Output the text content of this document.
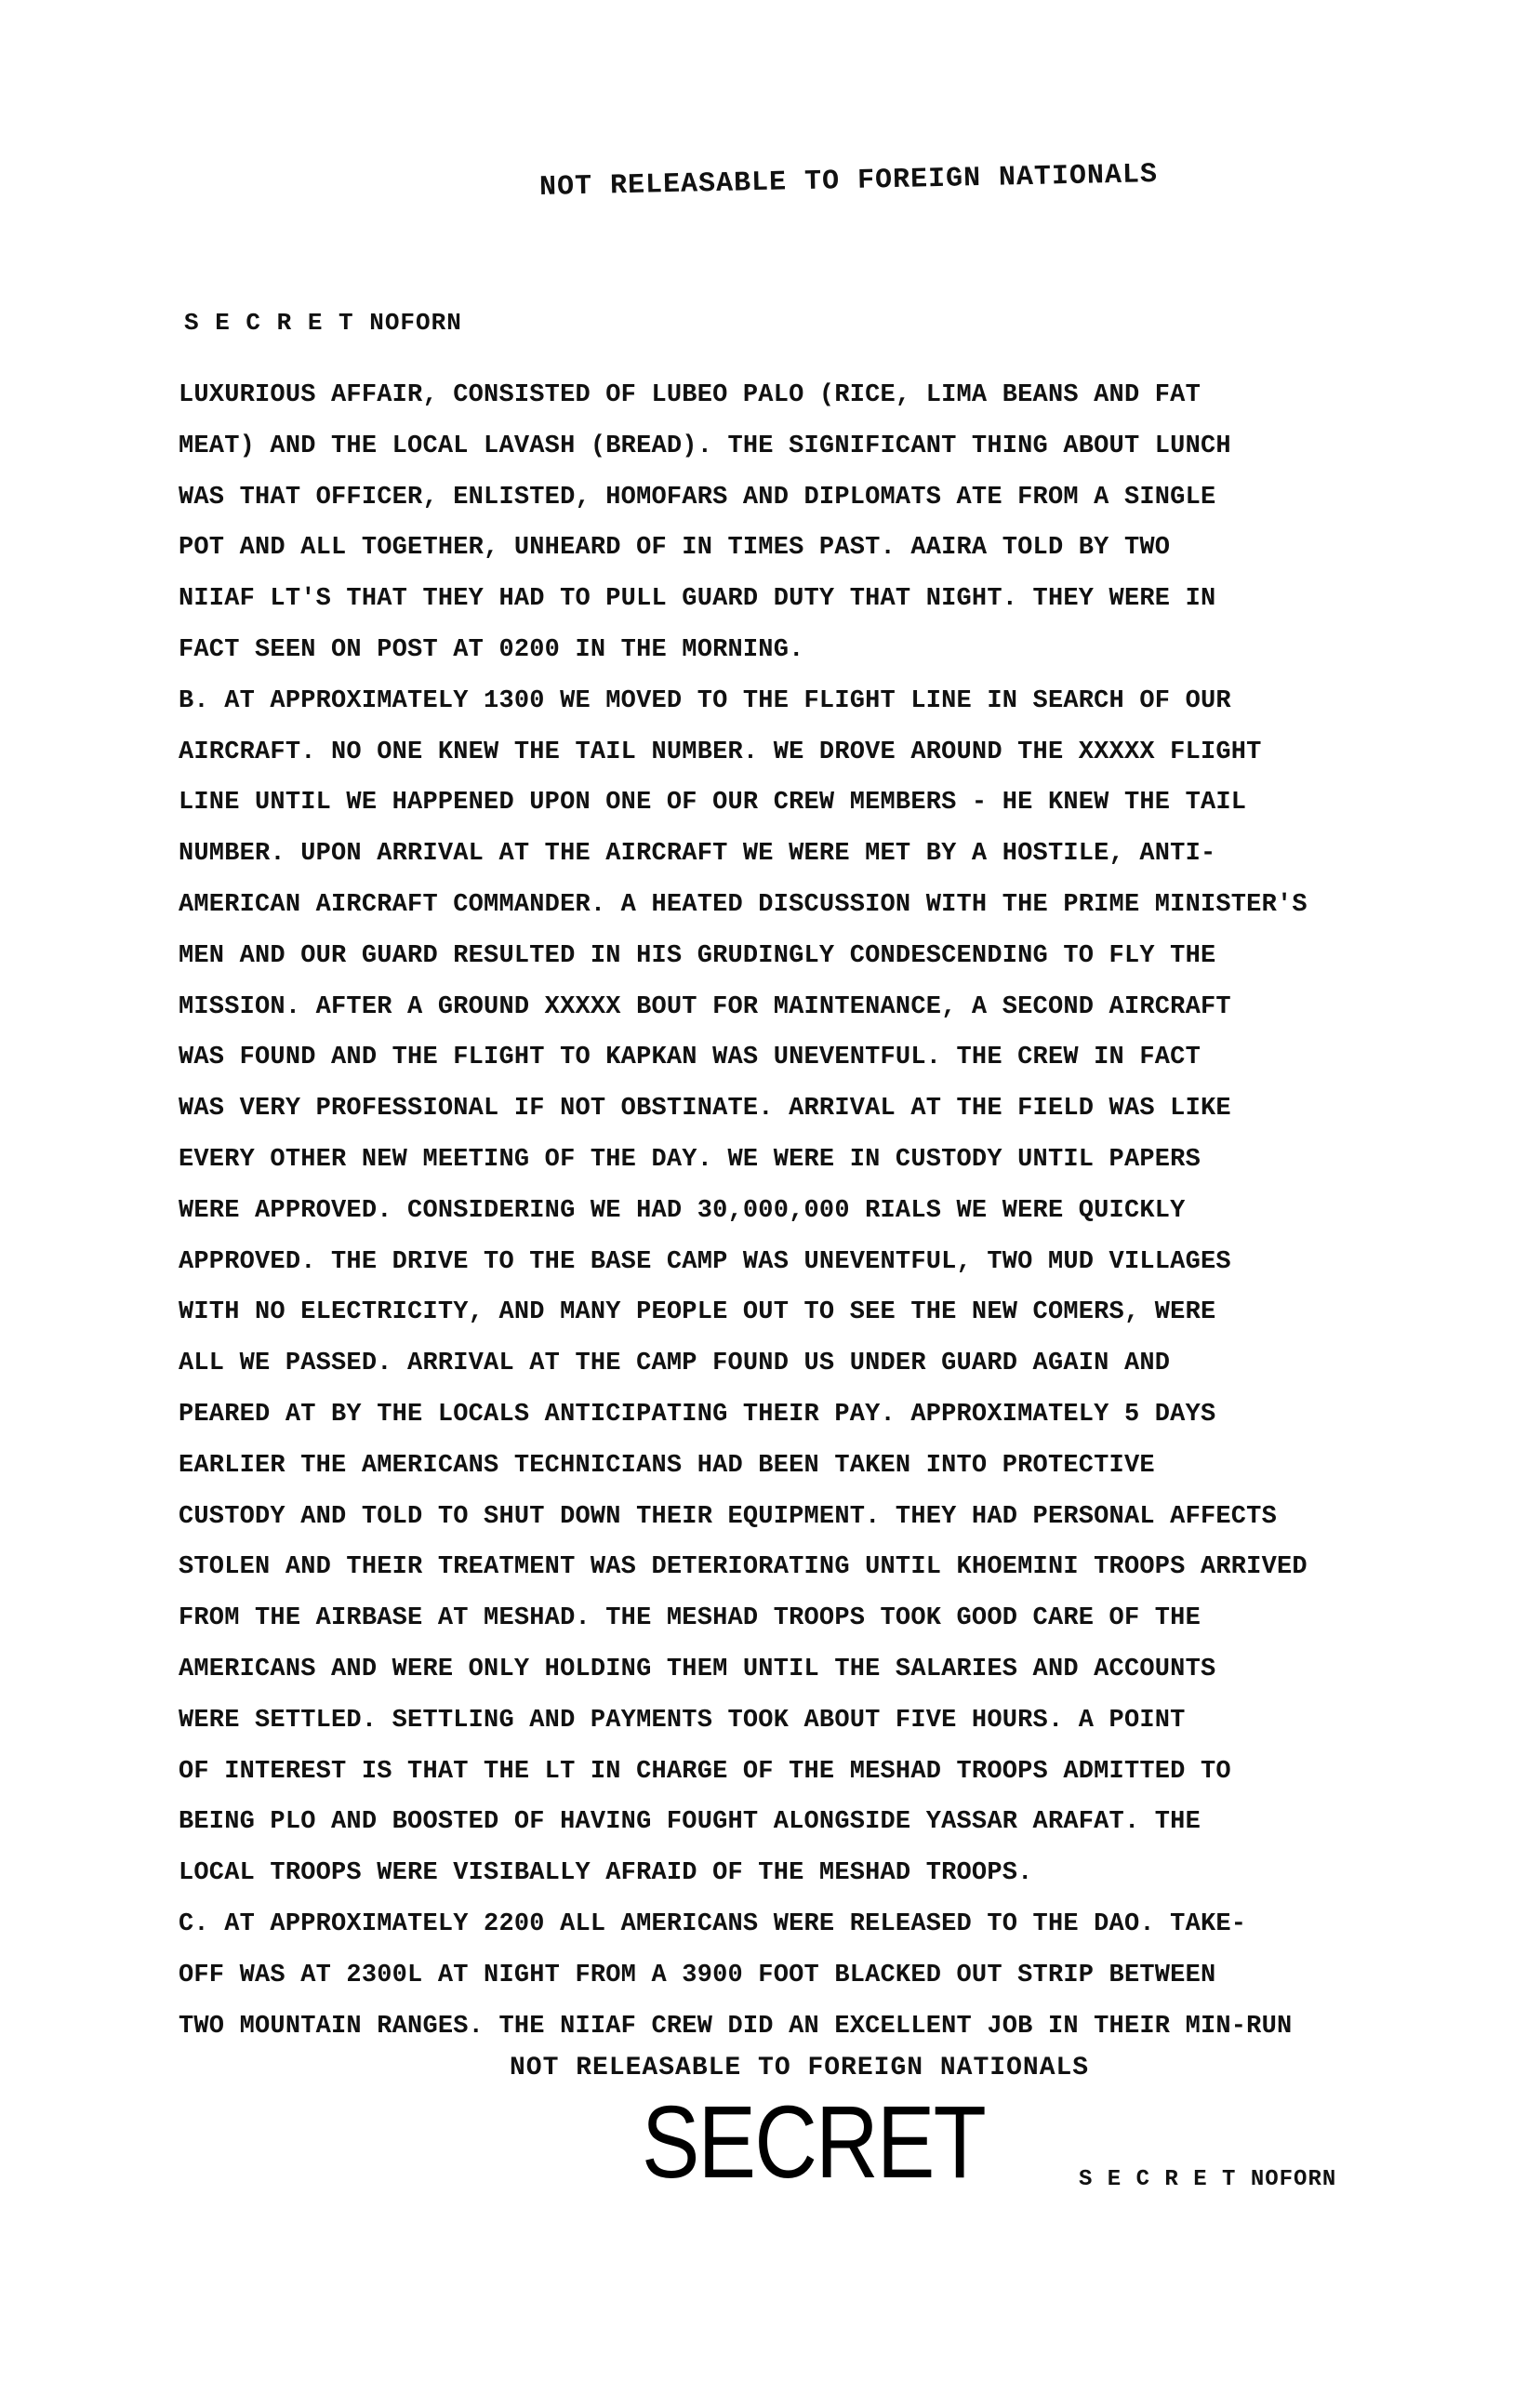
NOT RELEASABLE TO FOREIGN NATIONALS
S E C R E T NOFORN
LUXURIOUS AFFAIR, CONSISTED OF LUBEO PALO (RICE, LIMA BEANS AND FAT
MEAT) AND THE LOCAL LAVASH (BREAD). THE SIGNIFICANT THING ABOUT LUNCH
WAS THAT OFFICER, ENLISTED, HOMOFARS AND DIPLOMATS ATE FROM A SINGLE
POT AND ALL TOGETHER, UNHEARD OF IN TIMES PAST. AAIRA TOLD BY TWO
NIIAF LT'S THAT THEY HAD TO PULL GUARD DUTY THAT NIGHT. THEY WERE IN
FACT SEEN ON POST AT 0200 IN THE MORNING.
B. AT APPROXIMATELY 1300 WE MOVED TO THE FLIGHT LINE IN SEARCH OF OUR
AIRCRAFT. NO ONE KNEW THE TAIL NUMBER. WE DROVE AROUND THE XXXXX FLIGHT
LINE UNTIL WE HAPPENED UPON ONE OF OUR CREW MEMBERS - HE KNEW THE TAIL
NUMBER. UPON ARRIVAL AT THE AIRCRAFT WE WERE MET BY A HOSTILE, ANTI-
AMERICAN AIRCRAFT COMMANDER. A HEATED DISCUSSION WITH THE PRIME MINISTER'S
MEN AND OUR GUARD RESULTED IN HIS GRUDINGLY CONDESCENDING TO FLY THE
MISSION. AFTER A GROUND XXXXX BOUT FOR MAINTENANCE, A SECOND AIRCRAFT
WAS FOUND AND THE FLIGHT TO KAPKAN WAS UNEVENTFUL. THE CREW IN FACT
WAS VERY PROFESSIONAL IF NOT OBSTINATE. ARRIVAL AT THE FIELD WAS LIKE
EVERY OTHER NEW MEETING OF THE DAY. WE WERE IN CUSTODY UNTIL PAPERS
WERE APPROVED. CONSIDERING WE HAD 30,000,000 RIALS WE WERE QUICKLY
APPROVED. THE DRIVE TO THE BASE CAMP WAS UNEVENTFUL, TWO MUD VILLAGES
WITH NO ELECTRICITY, AND MANY PEOPLE OUT TO SEE THE NEW COMERS, WERE
ALL WE PASSED. ARRIVAL AT THE CAMP FOUND US UNDER GUARD AGAIN AND
PEARED AT BY THE LOCALS ANTICIPATING THEIR PAY. APPROXIMATELY 5 DAYS
EARLIER THE AMERICANS TECHNICIANS HAD BEEN TAKEN INTO PROTECTIVE
CUSTODY AND TOLD TO SHUT DOWN THEIR EQUIPMENT. THEY HAD PERSONAL AFFECTS
STOLEN AND THEIR TREATMENT WAS DETERIORATING UNTIL KHOEMINI TROOPS ARRIVED
FROM THE AIRBASE AT MESHAD. THE MESHAD TROOPS TOOK GOOD CARE OF THE
AMERICANS AND WERE ONLY HOLDING THEM UNTIL THE SALARIES AND ACCOUNTS
WERE SETTLED. SETTLING AND PAYMENTS TOOK ABOUT FIVE HOURS. A POINT
OF INTEREST IS THAT THE LT IN CHARGE OF THE MESHAD TROOPS ADMITTED TO
BEING PLO AND BOOSTED OF HAVING FOUGHT ALONGSIDE YASSAR ARAFAT. THE
LOCAL TROOPS WERE VISIBALLY AFRAID OF THE MESHAD TROOPS.
C. AT APPROXIMATELY 2200 ALL AMERICANS WERE RELEASED TO THE DAO. TAKE-
OFF WAS AT 2300L AT NIGHT FROM A 3900 FOOT BLACKED OUT STRIP BETWEEN
TWO MOUNTAIN RANGES. THE NIIAF CREW DID AN EXCELLENT JOB IN THEIR MIN-RUN
NOT RELEASABLE TO FOREIGN NATIONALS
SECRET	S E C R E T NOFORN
